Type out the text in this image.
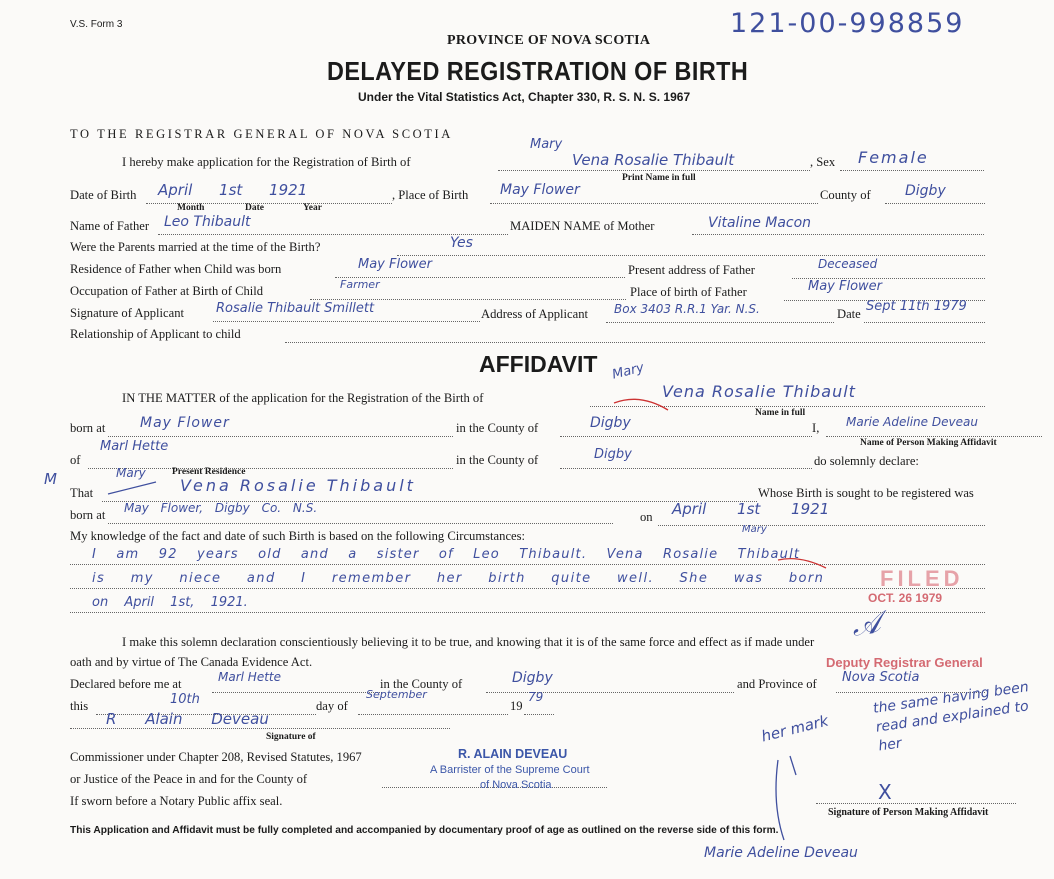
V.S. Form 3
PROVINCE OF NOVA SCOTIA
DELAYED REGISTRATION OF BIRTH
Under the Vital Statistics Act, Chapter 330, R. S. N. S. 1967
121-00-998859
TO THE REGISTRAR GENERAL OF NOVA SCOTIA
I hereby make application for the Registration of Birth of
Mary
Vena Rosalie Thibault
Print Name in full
, Sex Female
Date of Birth April 1st 1921
Month	Date	Year
, Place of Birth May Flower	County of Digby
Name of Father Leo Thibault	MAIDEN NAME of Mother	Vitaline Macon
Were the Parents married at the time of the Birth?	Yes
Residence of Father when Child was born	May Flower	Present address of Father	Deceased
Occupation of Father at Birth of Child	Farmer
Place of birth of Father	May Flower
Signature of Applicant Rosalie Thibault Smillett	Address of Applicant Box 3403 R.R.1 Yar. N.S.	Date Sept 11th 1979
Relationship of Applicant to child
AFFIDAVIT
IN THE MATTER of the application for the Registration of the Birth of
Mary
Vena Rosalie Thibault
Name in full
born at May Flower	in the County of	Digby	I, Marie Adeline Deveau
Name of Person Making Affidavit
of
Marl Hette
Present Residence
in the County of	Digby	do solemnly declare:
M	Mary
That	Vena Rosalie Thibault	Whose Birth is sought to be registered was
born at May Flower, Digby Co. N.S.
on April 1st 1921
My knowledge of the fact and date of such Birth is based on the following Circumstances:	Mary
I am 92 years old and a sister of Leo Thibault. Vena Rosalie Thibault
is my niece and I remember her birth quite well. She was born
on April 1st, 1921.
I make this solemn declaration conscientiously believing it to be true, and knowing that it is of the same force and effect as if made under
oath and by virtue of The Canada Evidence Act.
Declared before me at	Marl Hette	in the County of	Digby	and Province of Nova Scotia
this	10th	day of
September
19
79
R Alain Deveau
Signature of
Commissioner under Chapter 208, Revised Statutes, 1967
or Justice of the Peace in and for the County of
If sworn before a Notary Public affix seal.
R. ALAIN DEVEAU
A Barrister of the Supreme Court
of Nova Scotia
FILED
OCT. 26 1979
Deputy Registrar General
𝒜
her mark
the same having been read and explained to her
X
Signature of Person Making Affidavit
This Application and Affidavit must be fully completed and accompanied by documentary proof of age as outlined on the reverse side of this form.
Marie Adeline Deveau
